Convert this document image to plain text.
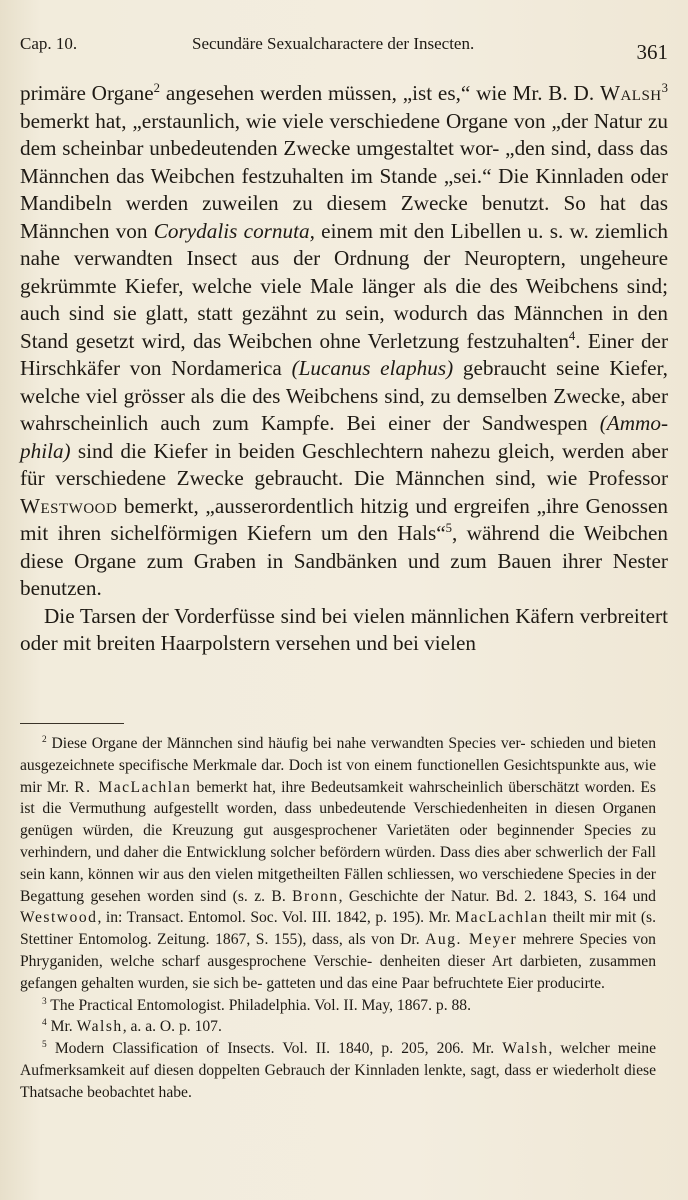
Cap. 10.	Secundäre Sexualcharactere der Insecten.	361

primäre Organe$^2$ angesehen werden müssen, „ist es,“ wie Mr. B. D. Walsh$^3$ bemerkt hat, „erstaunlich, wie viele verschiedene Organe von „der Natur zu dem scheinbar unbedeutenden Zwecke umgestaltet wor- „den sind, dass das Männchen das Weibchen festzuhalten im Stande „sei.“ Die Kinnladen oder Mandibeln werden zuweilen zu diesem Zwecke benutzt. So hat das Männchen von Corydalis cornuta, einem mit den Libellen u. s. w. ziemlich nahe verwandten Insect aus der Ordnung der Neuroptern, ungeheure gekrümmte Kiefer, welche viele Male länger als die des Weibchens sind; auch sind sie glatt, statt gezähnt zu sein, wodurch das Männchen in den Stand gesetzt wird, das Weibchen ohne Verletzung festzuhalten$^4$. Einer der Hirschkäfer von Nordamerica (Lucanus elaphus) gebraucht seine Kiefer, welche viel grösser als die des Weibchens sind, zu demselben Zwecke, aber wahrscheinlich auch zum Kampfe. Bei einer der Sandwespen (Ammo- phila) sind die Kiefer in beiden Geschlechtern nahezu gleich, werden aber für verschiedene Zwecke gebraucht. Die Männchen sind, wie Professor Westwood bemerkt, „ausserordentlich hitzig und ergreifen „ihre Genossen mit ihren sichelförmigen Kiefern um den Hals“$^5$, während die Weibchen diese Organe zum Graben in Sandbänken und zum Bauen ihrer Nester benutzen.

Die Tarsen der Vorderfüsse sind bei vielen männlichen Käfern verbreitert oder mit breiten Haarpolstern versehen und bei vielen

$^2$ Diese Organe der Männchen sind häufig bei nahe verwandten Species ver- schieden und bieten ausgezeichnete specifische Merkmale dar. Doch ist von einem functionellen Gesichtspunkte aus, wie mir Mr. R. MacLachlan bemerkt hat, ihre Bedeutsamkeit wahrscheinlich überschätzt worden. Es ist die Vermuthung aufgestellt worden, dass unbedeutende Verschiedenheiten in diesen Organen genügen würden, die Kreuzung gut ausgesprochener Varietäten oder beginnender Species zu verhindern, und daher die Entwicklung solcher befördern würden. Dass dies aber schwerlich der Fall sein kann, können wir aus den vielen mitgetheilten Fällen schliessen, wo verschiedene Species in der Begattung gesehen worden sind (s. z. B. Bronn, Geschichte der Natur. Bd. 2. 1843, S. 164 und Westwood, in: Transact. Entomol. Soc. Vol. III. 1842, p. 195). Mr. MacLachlan theilt mir mit (s. Stettiner Entomolog. Zeitung. 1867, S. 155), dass, als von Dr. Aug. Meyer mehrere Species von Phryganiden, welche scharf ausgesprochene Verschie- denheiten dieser Art darbieten, zusammen gefangen gehalten wurden, sie sich be- gatteten und das eine Paar befruchtete Eier producirte.

$^3$ The Practical Entomologist. Philadelphia. Vol. II. May, 1867. p. 88.

$^4$ Mr. Walsh, a. a. O. p. 107.

$^5$ Modern Classification of Insects. Vol. II. 1840, p. 205, 206. Mr. Walsh, welcher meine Aufmerksamkeit auf diesen doppelten Gebrauch der Kinnladen lenkte, sagt, dass er wiederholt diese Thatsache beobachtet habe.
